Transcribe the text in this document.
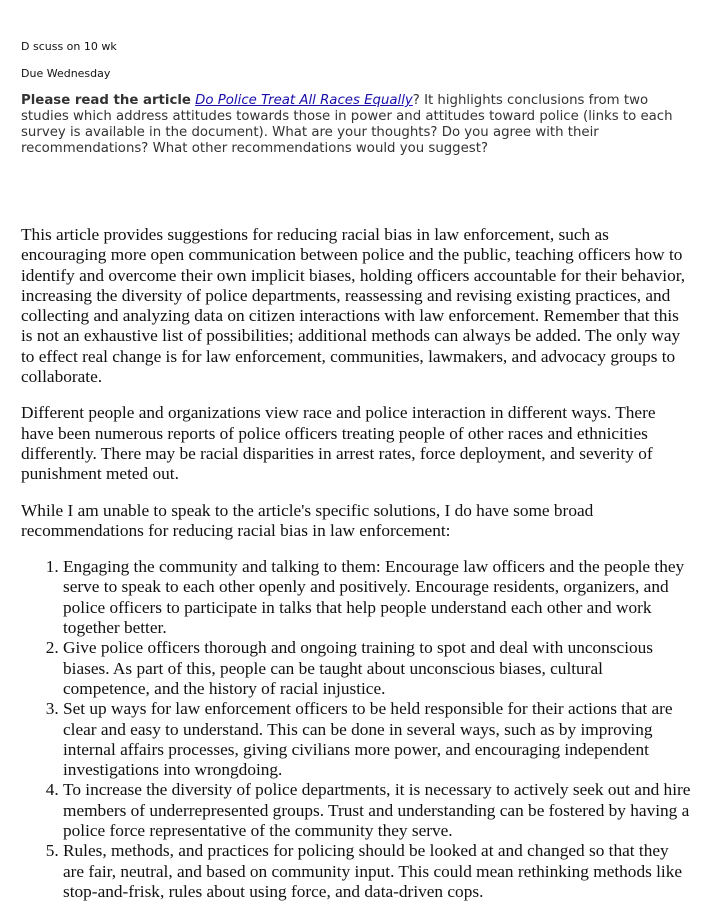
D scuss on 10 wk
Due Wednesday
Please read the article Do Police Treat All Races Equally? It highlights conclusions from two studies which address attitudes towards those in power and attitudes toward police (links to each survey is available in the document). What are your thoughts? Do you agree with their recommendations? What other recommendations would you suggest?

This article provides suggestions for reducing racial bias in law enforcement, such as encouraging more open communication between police and the public, teaching officers how to identify and overcome their own implicit biases, holding officers accountable for their behavior, increasing the diversity of police departments, reassessing and revising existing practices, and collecting and analyzing data on citizen interactions with law enforcement. Remember that this is not an exhaustive list of possibilities; additional methods can always be added. The only way to effect real change is for law enforcement, communities, lawmakers, and advocacy groups to collaborate.

Different people and organizations view race and police interaction in different ways. There have been numerous reports of police officers treating people of other races and ethnicities differently. There may be racial disparities in arrest rates, force deployment, and severity of punishment meted out.

While I am unable to speak to the article's specific solutions, I do have some broad recommendations for reducing racial bias in law enforcement:

1. Engaging the community and talking to them: Encourage law officers and the people they serve to speak to each other openly and positively. Encourage residents, organizers, and police officers to participate in talks that help people understand each other and work together better.
2. Give police officers thorough and ongoing training to spot and deal with unconscious biases. As part of this, people can be taught about unconscious biases, cultural competence, and the history of racial injustice.
3. Set up ways for law enforcement officers to be held responsible for their actions that are clear and easy to understand. This can be done in several ways, such as by improving internal affairs processes, giving civilians more power, and encouraging independent investigations into wrongdoing.
4. To increase the diversity of police departments, it is necessary to actively seek out and hire members of underrepresented groups. Trust and understanding can be fostered by having a police force representative of the community they serve.
5. Rules, methods, and practices for policing should be looked at and changed so that they are fair, neutral, and based on community input. This could mean rethinking methods like stop-and-frisk, rules about using force, and data-driven cops.
